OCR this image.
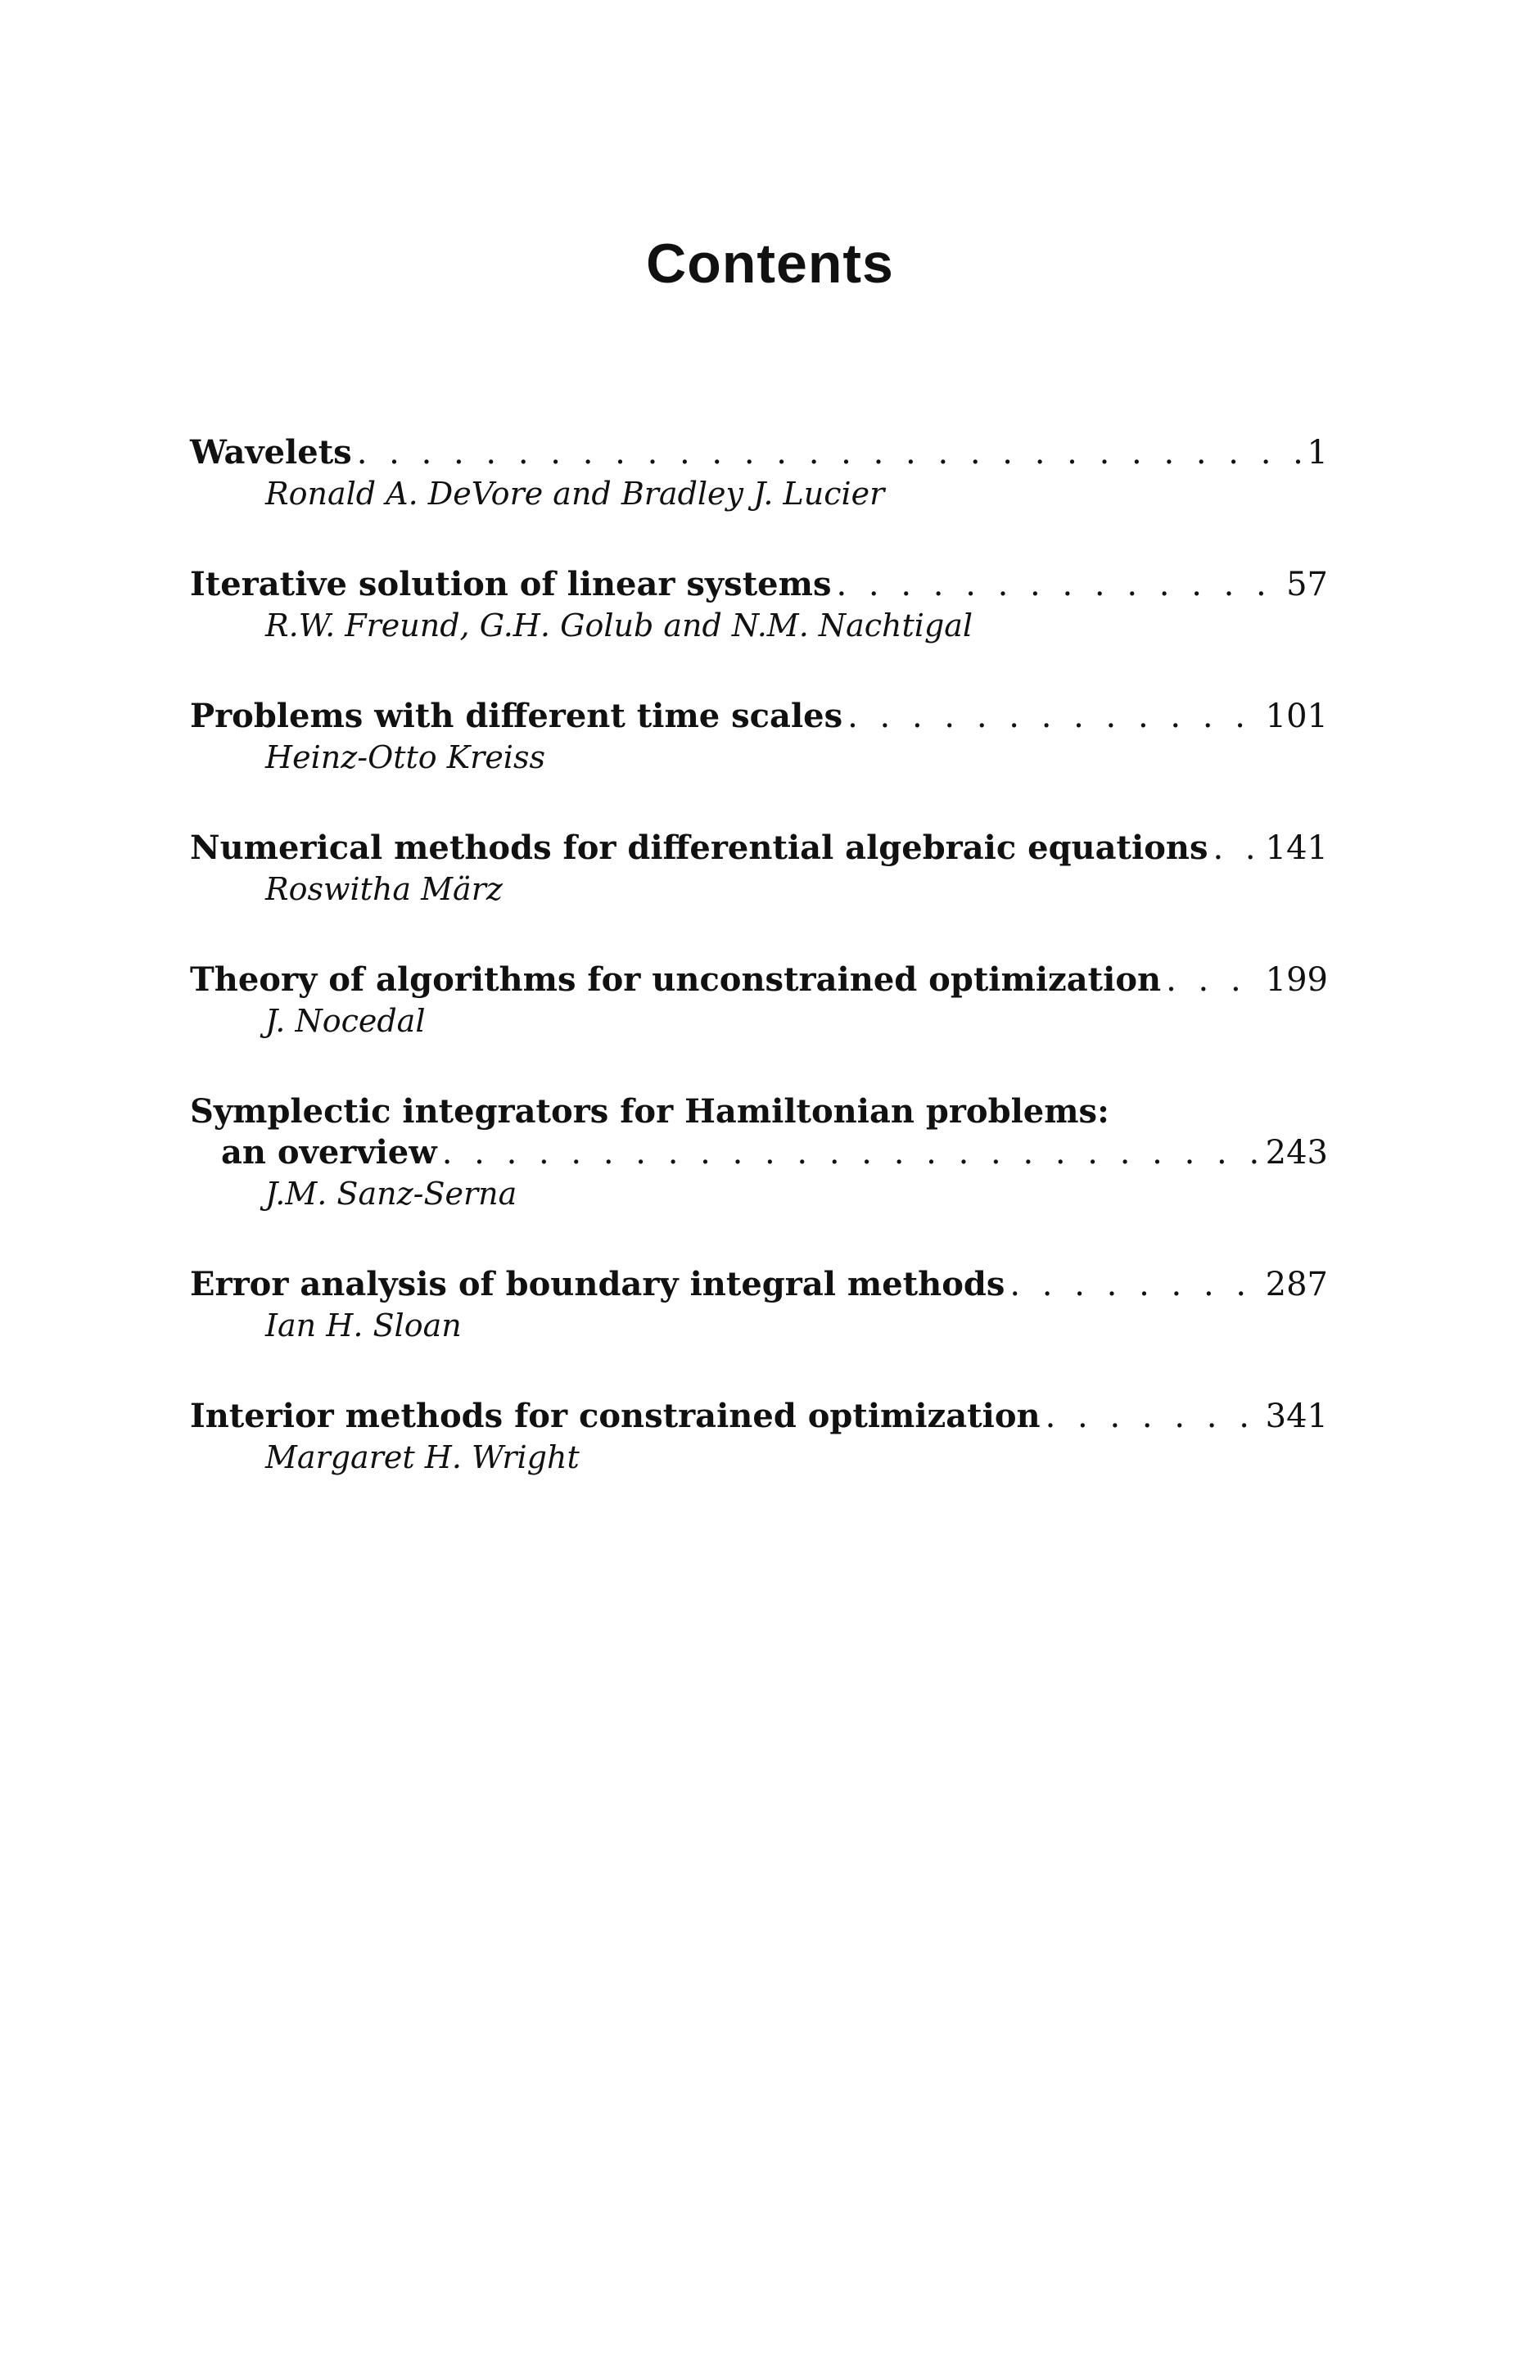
Contents
Wavelets . . .	1
Ronald A. DeVore and Bradley J. Lucier
Iterative solution of linear systems . . .	57
R.W. Freund, G.H. Golub and N.M. Nachtigal
Problems with different time scales . . .	101
Heinz-Otto Kreiss
Numerical methods for differential algebraic equations . . . 141
Roswitha März
Theory of algorithms for unconstrained optimization . . .	199
J. Nocedal
Symplectic integrators for Hamiltonian problems:
an overview . . .	243
J.M. Sanz-Serna
Error analysis of boundary integral methods . . .	287
Ian H. Sloan
Interior methods for constrained optimization . . .	341
Margaret H. Wright
